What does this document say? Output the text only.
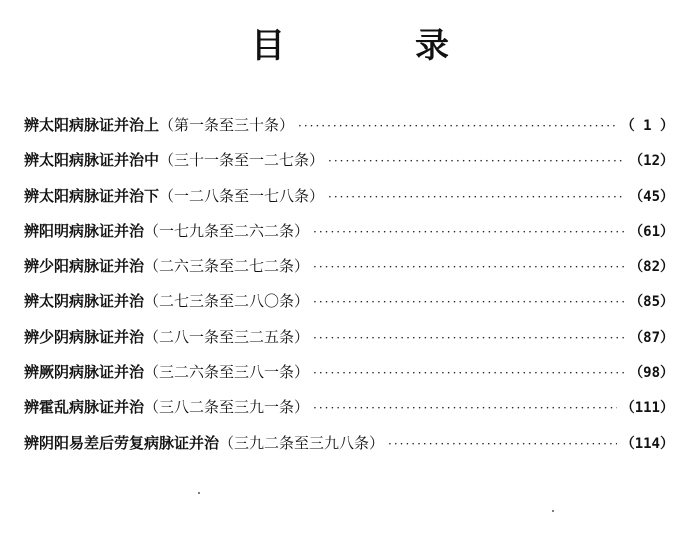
目　录
辨太阳病脉证并治上 （第一条至三十条） ·····	（ 1 ）
辨太阳病脉证并治中 （三十一条至一二七条） ·····	（12）
辨太阳病脉证并治下 （一二八条至一七八条） ·····	（45）
辨阳明病脉证并治 （一七九条至二六二条） ·····	（61）
辨少阳病脉证并治 （二六三条至二七二条） ·····	（82）
辨太阴病脉证并治 （二七三条至二八〇条） ·····	（85）
辨少阴病脉证并治 （二八一条至三二五条） ·····	（87）
辨厥阴病脉证并治 （三二六条至三八一条） ·····	（98）
辨霍乱病脉证并治 （三八二条至三九一条） ·····	（111）
辨阴阳易差后劳复病脉证并治 （三九二条至三九八条） ·····	（114）
